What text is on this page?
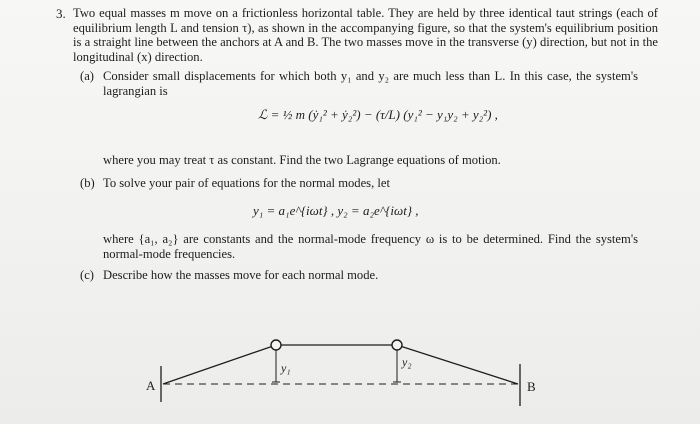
3. Two equal masses m move on a frictionless horizontal table. They are held by three identical taut strings (each of equilibrium length L and tension τ), as shown in the accompanying figure, so that the system's equilibrium position is a straight line between the anchors at A and B. The two masses move in the transverse (y) direction, but not in the longitudinal (x) direction.
(a) Consider small displacements for which both y₁ and y₂ are much less than L. In this case, the system's lagrangian is
ℒ = ½ m (ẏ₁² + ẏ₂²) − (τ/L) (y₁² − y₁y₂ + y₂²) ,
where you may treat τ as constant. Find the two Lagrange equations of motion.
(b) To solve your pair of equations for the normal modes, let
y₁ = a₁e^{iωt} , y₂ = a₂e^{iωt} ,
where {a₁, a₂} are constants and the normal-mode frequency ω is to be determined. Find the system's normal-mode frequencies.
(c) Describe how the masses move for each normal mode.
A	B
y₁	y₂
